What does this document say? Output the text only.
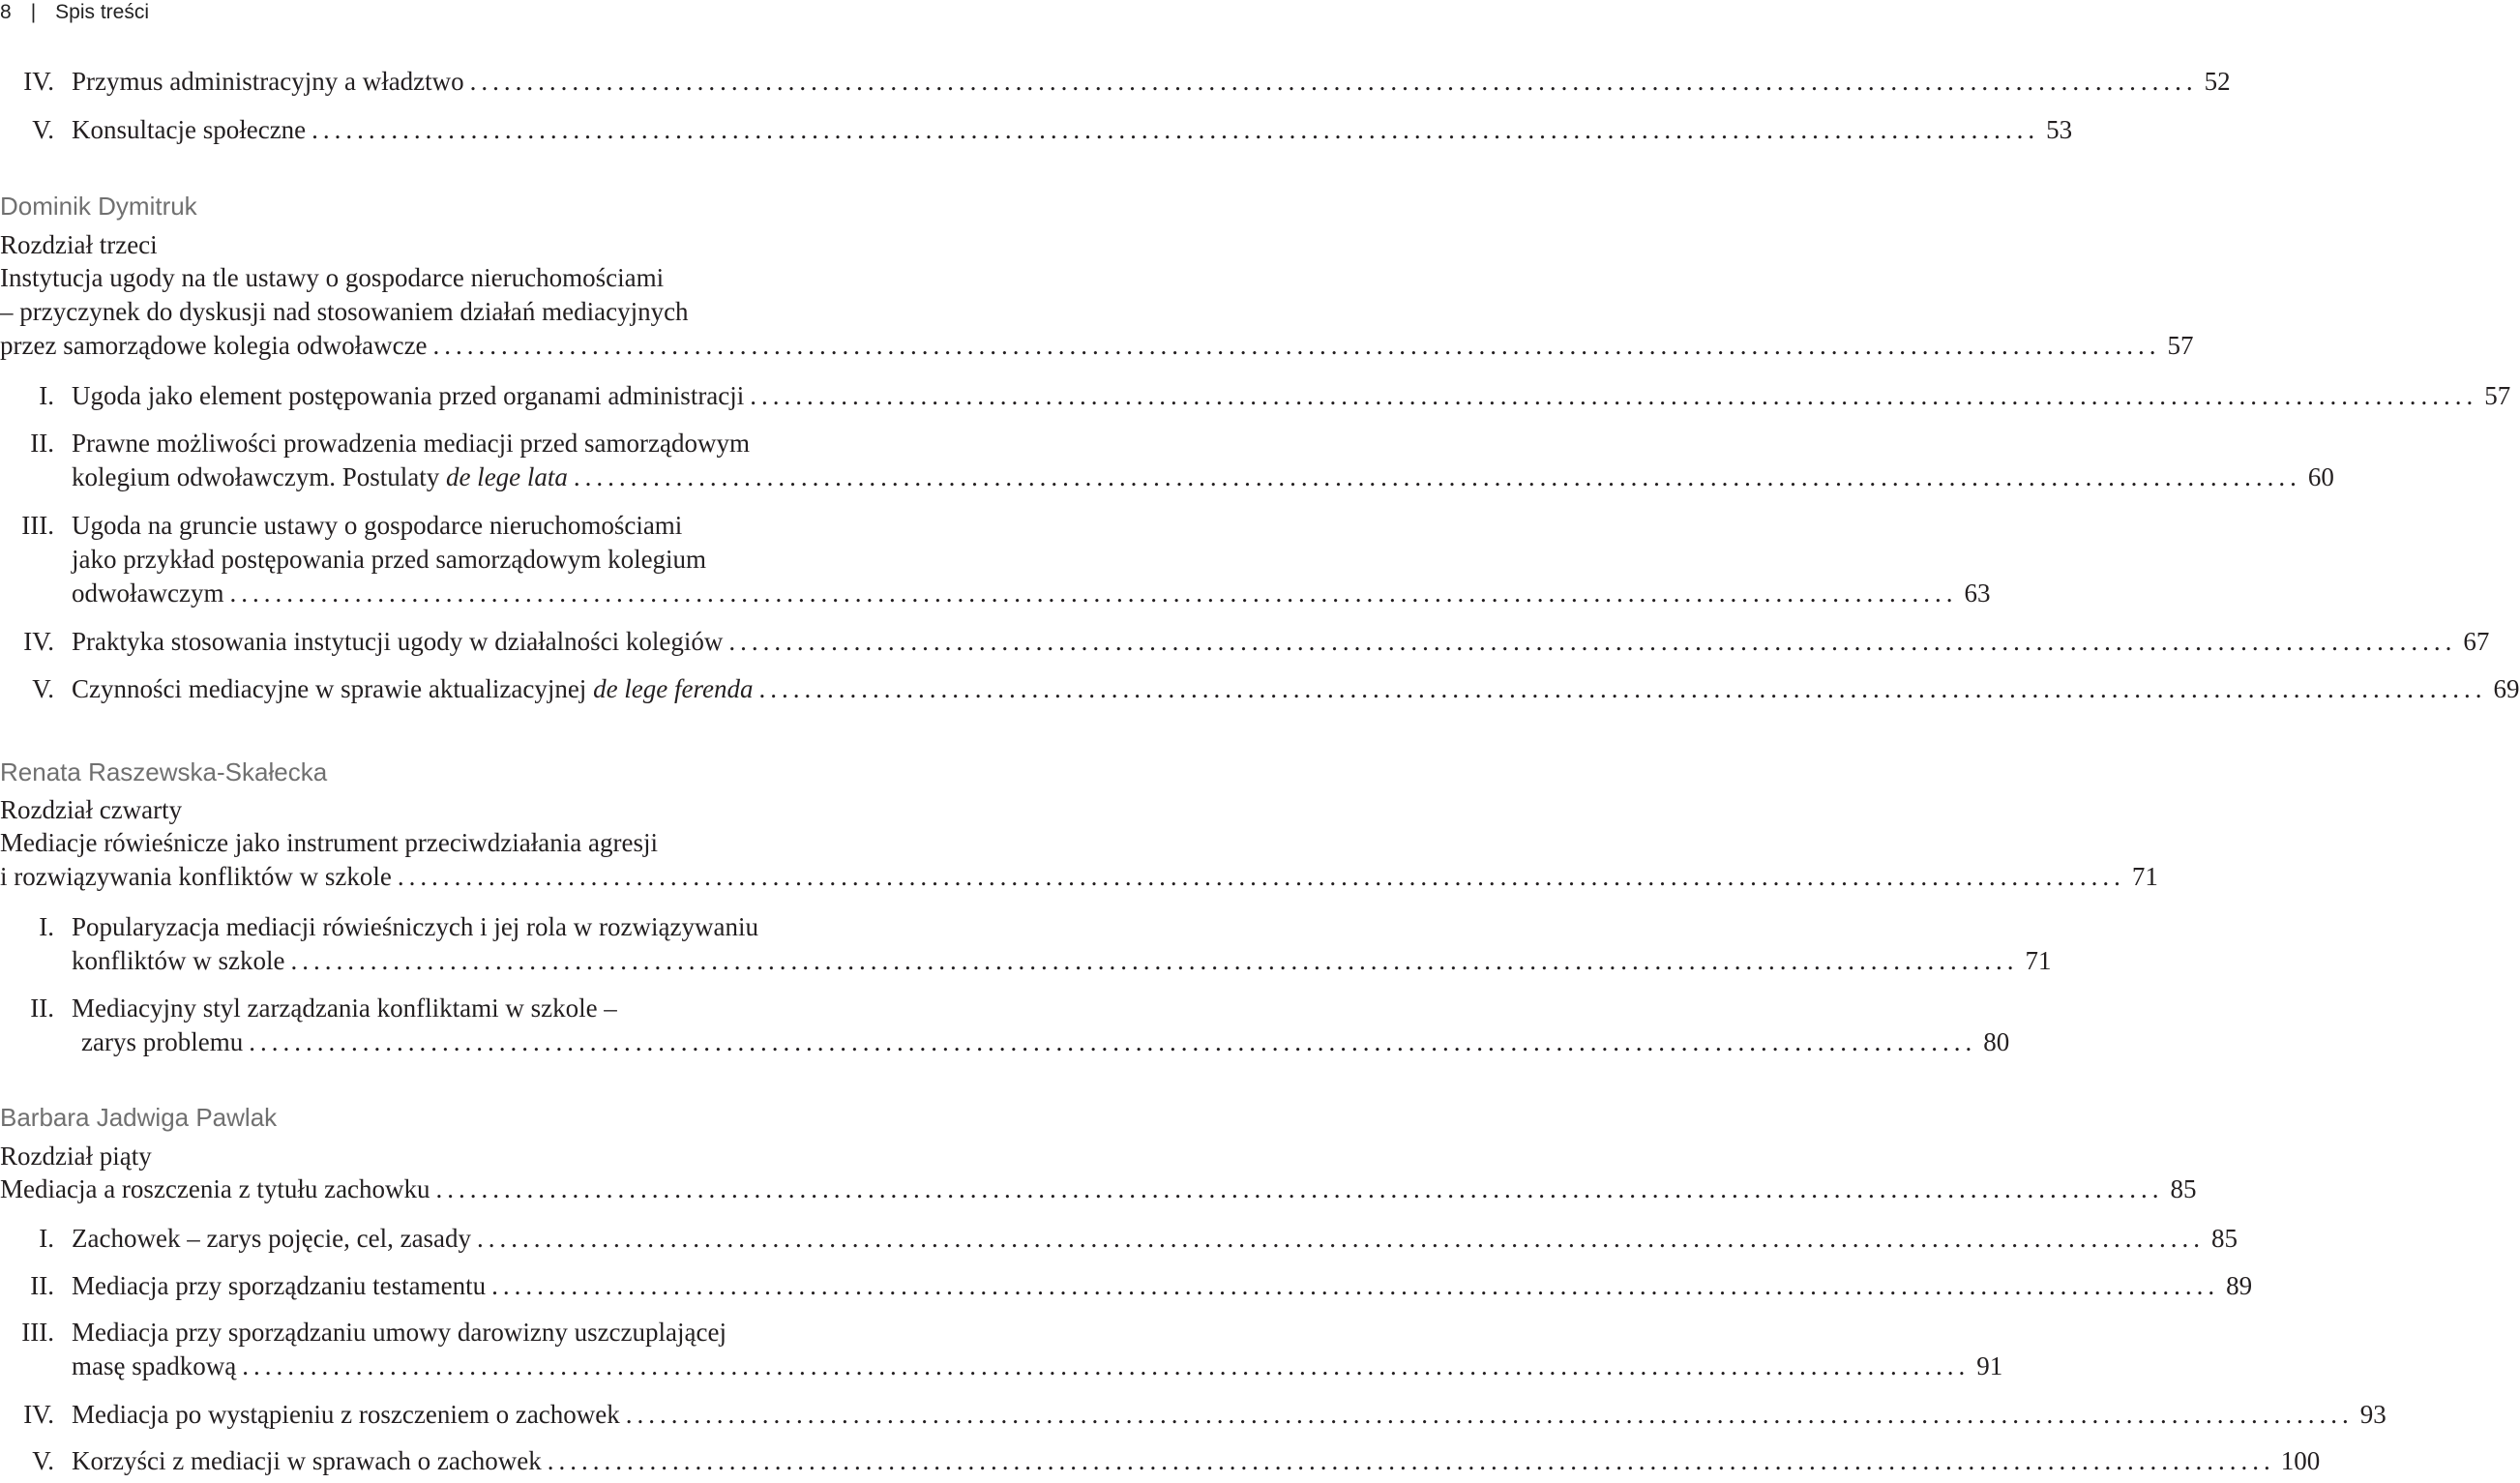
8 | Spis treści
IV. Przymus administracyjny a władztwo ........................................................................................................................................................ 52
V. Konsultacje społeczne ........................................................................................................................................................ 53
Dominik Dymitruk
Rozdział trzeci
Instytucja ugody na tle ustawy o gospodarce nieruchomościami
– przyczynek do dyskusji nad stosowaniem działań mediacyjnych
przez samorządowe kolegia odwoławcze ........................................................................................................................................................ 57
I. Ugoda jako element postępowania przed organami administracji ........................................................................................................................................................ 57
II. Prawne możliwości prowadzenia mediacji przed samorządowym
kolegium odwoławczym. Postulaty de lege lata ........................................................................................................................................................ 60
III. Ugoda na gruncie ustawy o gospodarce nieruchomościami
jako przykład postępowania przed samorządowym kolegium
odwoławczym ........................................................................................................................................................ 63
IV. Praktyka stosowania instytucji ugody w działalności kolegiów ........................................................................................................................................................ 67
V. Czynności mediacyjne w sprawie aktualizacyjnej de lege ferenda ........................................................................................................................................................ 69
Renata Raszewska-Skałecka
Rozdział czwarty
Mediacje rówieśnicze jako instrument przeciwdziałania agresji
i rozwiązywania konfliktów w szkole ........................................................................................................................................................ 71
I. Popularyzacja mediacji rówieśniczych i jej rola w rozwiązywaniu
konfliktów w szkole ........................................................................................................................................................ 71
II. Mediacyjny styl zarządzania konfliktami w szkole –
zarys problemu ........................................................................................................................................................ 80
Barbara Jadwiga Pawlak
Rozdział piąty
Mediacja a roszczenia z tytułu zachowku ........................................................................................................................................................ 85
I. Zachowek – zarys pojęcie, cel, zasady ........................................................................................................................................................ 85
II. Mediacja przy sporządzaniu testamentu ........................................................................................................................................................ 89
III. Mediacja przy sporządzaniu umowy darowizny uszczuplającej
masę spadkową ........................................................................................................................................................ 91
IV. Mediacja po wystąpieniu z roszczeniem o zachowek ........................................................................................................................................................ 93
V. Korzyści z mediacji w sprawach o zachowek ........................................................................................................................................................ 100
